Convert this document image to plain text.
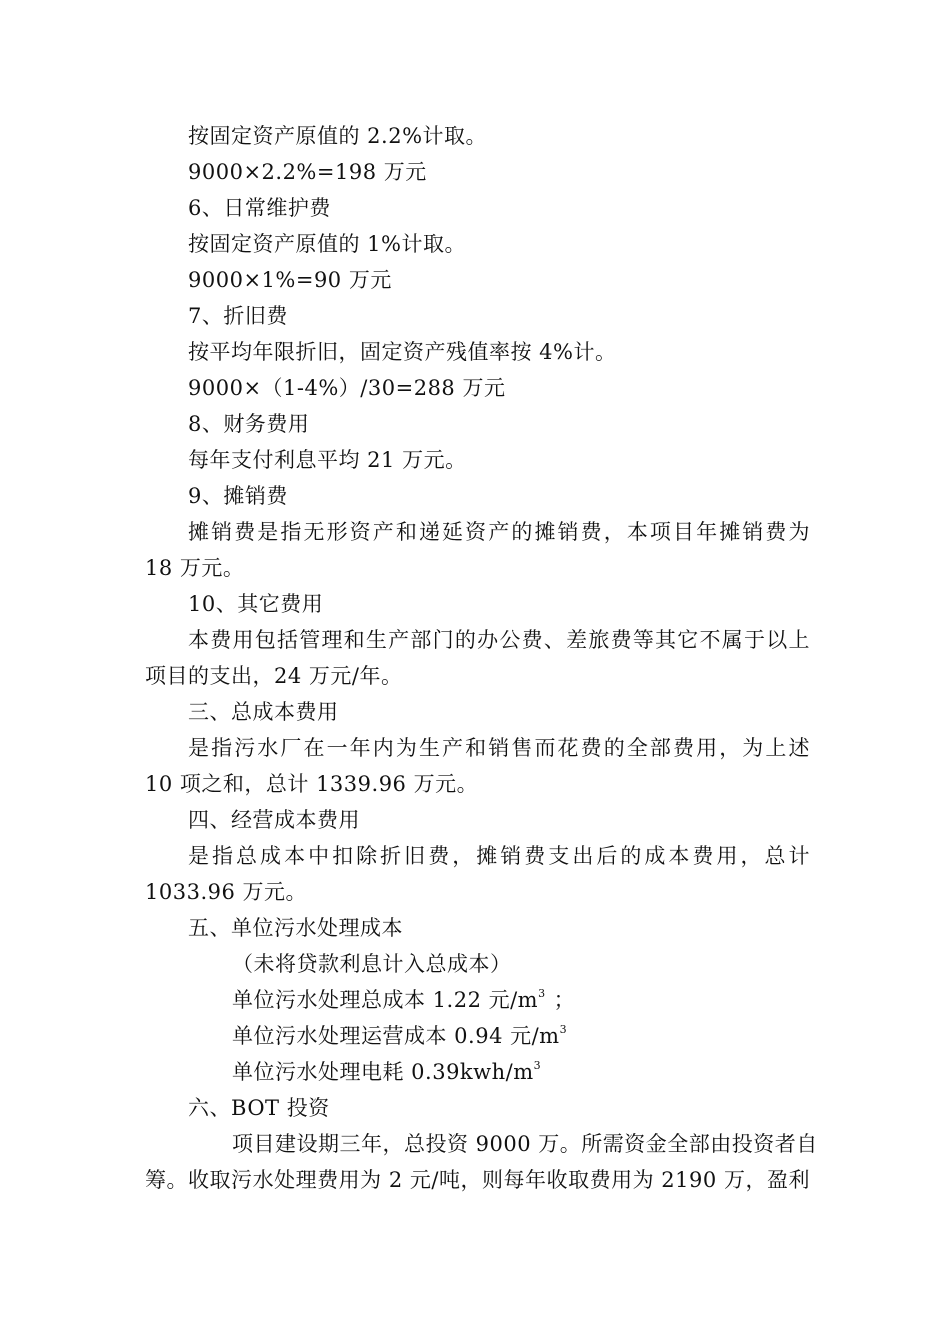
按固定资产原值的 2.2%计取。
9000×2.2%=198 万元
6、日常维护费
按固定资产原值的 1%计取。
9000×1%=90 万元
7、折旧费
按平均年限折旧，固定资产残值率按 4%计。
9000×（1-4%）/30=288 万元
8、财务费用
每年支付利息平均 21 万元。
9、摊销费
摊销费是指无形资产和递延资产的摊销费，本项目年摊销费为
18 万元。
10、其它费用
本费用包括管理和生产部门的办公费、差旅费等其它不属于以上
项目的支出，24 万元/年。
三、总成本费用
是指污水厂在一年内为生产和销售而花费的全部费用，为上述
10 项之和，总计 1339.96 万元。
四、经营成本费用
是指总成本中扣除折旧费，摊销费支出后的成本费用，总计
1033.96 万元。
五、单位污水处理成本
（未将贷款利息计入总成本）
单位污水处理总成本 1.22 元$/m^3$ ；
单位污水处理运营成本 0.94 元$/m^3$
单位污水处理电耗 $0.39kwh/m^3$
六、BOT 投资
项目建设期三年，总投资 9000 万。所需资金全部由投资者自
筹。收取污水处理费用为 2 元/吨，则每年收取费用为 2190 万，盈利
